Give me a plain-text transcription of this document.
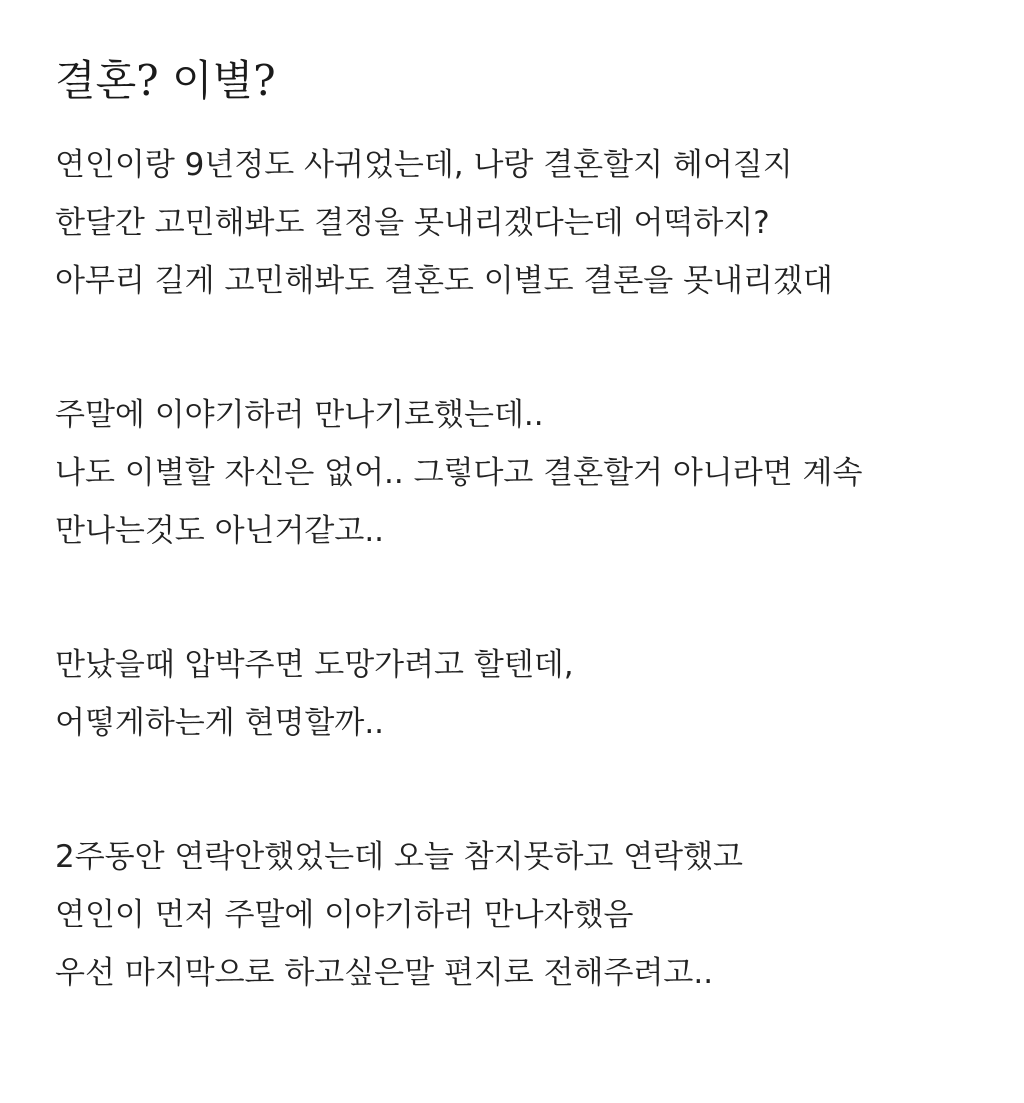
결혼? 이별?

연인이랑 9년정도 사귀었는데, 나랑 결혼할지 헤어질지

한달간 고민해봐도 결정을 못내리겠다는데 어떡하지?

아무리 길게 고민해봐도 결혼도 이별도 결론을 못내리겠대

주말에 이야기하러 만나기로했는데..

나도 이별할 자신은 없어.. 그렇다고 결혼할거 아니라면 계속

만나는것도 아닌거같고..

만났을때 압박주면 도망가려고 할텐데,

어떻게하는게 현명할까..

2주동안 연락안했었는데 오늘 참지못하고 연락했고

연인이 먼저 주말에 이야기하러 만나자했음

우선 마지막으로 하고싶은말 편지로 전해주려고..
